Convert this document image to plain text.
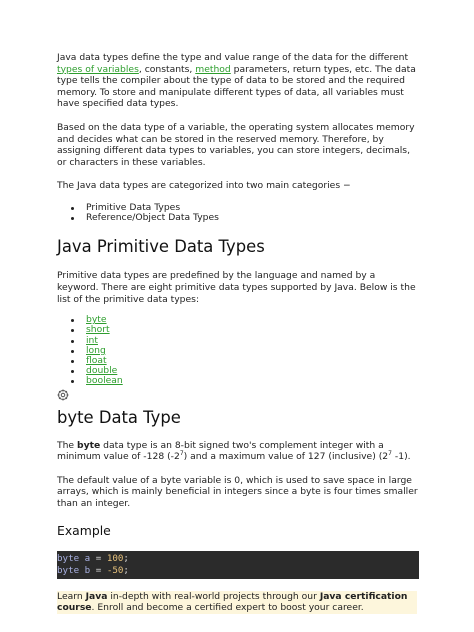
Java data types define the type and value range of the data for the different types of variables, constants, method parameters, return types, etc. The data type tells the compiler about the type of data to be stored and the required memory. To store and manipulate different types of data, all variables must have specified data types.

Based on the data type of a variable, the operating system allocates memory and decides what can be stored in the reserved memory. Therefore, by assigning different data types to variables, you can store integers, decimals, or characters in these variables.

The Java data types are categorized into two main categories −

Primitive Data Types
Reference/Object Data Types
Java Primitive Data Types

Primitive data types are predefined by the language and named by a keyword. There are eight primitive data types supported by Java. Below is the list of the primitive data types:

byte
short
int
long
float
double
boolean
byte Data Type

The byte data type is an 8-bit signed two's complement integer with a minimum value of -128 $(-2^7)$ and a maximum value of 127 (inclusive) ($2^7$ -1).

The default value of a byte variable is 0, which is used to save space in large arrays, which is mainly beneficial in integers since a byte is four times smaller than an integer.

Example
byte a = 100;
byte b = -50;

Learn Java in-depth with real-world projects through our Java certification course. Enroll and become a certified expert to boost your career.
